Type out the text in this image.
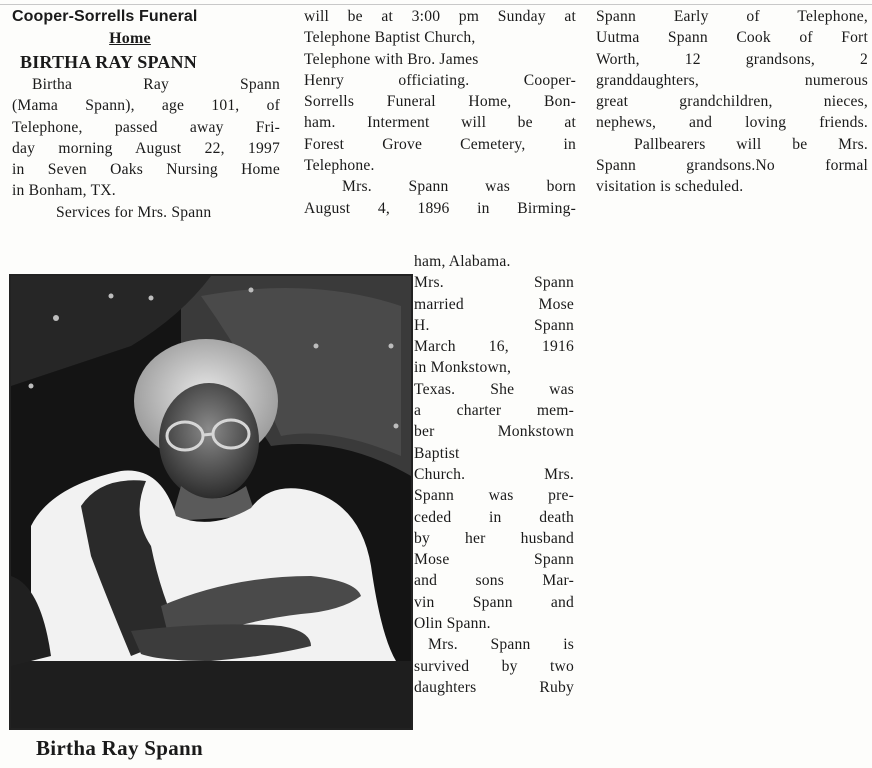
Cooper-Sorrells Funeral
Home
BIRTHA RAY SPANN
Birtha Ray Spann
(Mama Spann), age 101, of
Telephone, passed away Fri-
day morning August 22, 1997
in Seven Oaks Nursing Home
in Bonham, TX.
Services for Mrs. Spann
will be at 3:00 pm Sunday at
Telephone Baptist Church,
Telephone with Bro. James
Henry officiating. Cooper-
Sorrells Funeral Home, Bon-
ham. Interment will be at
Forest Grove Cemetery, in
Telephone.
Mrs. Spann was born
August 4, 1896 in Birming-
ham, Alabama.
Mrs. Spann
married Mose
H. Spann
March 16, 1916
in Monkstown,
Texas. She was
a charter mem-
ber Monkstown
Baptist
Church. Mrs.
Spann was pre-
ceded in death
by her husband
Mose Spann
and sons Mar-
vin Spann and
Olin Spann.
Mrs. Spann is
survived by two
daughters Ruby
Spann Early of Telephone,
Uutma Spann Cook of Fort
Worth, 12 grandsons, 2
granddaughters, numerous
great grandchildren, nieces,
nephews, and loving friends.
Pallbearers will be Mrs.
Spann grandsons.No formal
visitation is scheduled.
Birtha Ray Spann
